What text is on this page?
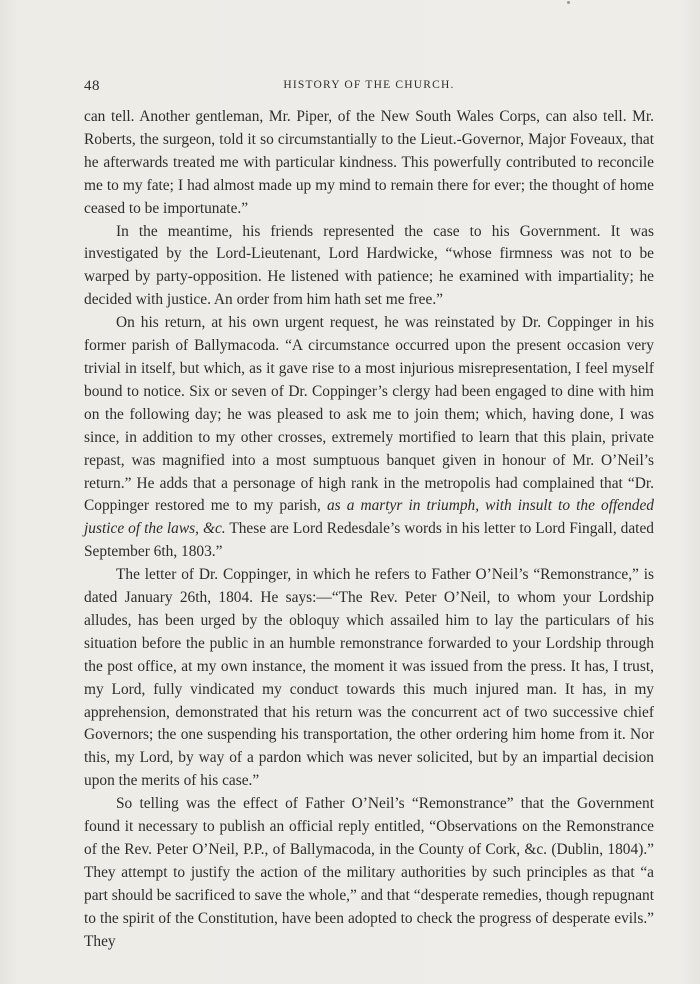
48	HISTORY OF THE CHURCH.

can tell. Another gentleman, Mr. Piper, of the New South Wales Corps, can also tell. Mr. Roberts, the surgeon, told it so circumstantially to the Lieut.-Governor, Major Foveaux, that he afterwards treated me with particular kindness. This powerfully contributed to reconcile me to my fate; I had almost made up my mind to remain there for ever; the thought of home ceased to be importunate.”

In the meantime, his friends represented the case to his Government. It was investigated by the Lord-Lieutenant, Lord Hardwicke, “whose firmness was not to be warped by party-opposition. He listened with patience; he examined with impartiality; he decided with justice. An order from him hath set me free.”

On his return, at his own urgent request, he was reinstated by Dr. Coppinger in his former parish of Ballymacoda. “A circumstance occurred upon the present occasion very trivial in itself, but which, as it gave rise to a most injurious misrepresentation, I feel myself bound to notice. Six or seven of Dr. Coppinger’s clergy had been engaged to dine with him on the following day; he was pleased to ask me to join them; which, having done, I was since, in addition to my other crosses, extremely mortified to learn that this plain, private repast, was magnified into a most sumptuous banquet given in honour of Mr. O’Neil’s return.” He adds that a personage of high rank in the metropolis had complained that “Dr. Coppinger restored me to my parish, as a martyr in triumph, with insult to the offended justice of the laws, &c. These are Lord Redesdale’s words in his letter to Lord Fingall, dated September 6th, 1803.”

The letter of Dr. Coppinger, in which he refers to Father O’Neil’s “Remonstrance,” is dated January 26th, 1804. He says:—“The Rev. Peter O’Neil, to whom your Lordship alludes, has been urged by the obloquy which assailed him to lay the particulars of his situation before the public in an humble remonstrance forwarded to your Lordship through the post office, at my own instance, the moment it was issued from the press. It has, I trust, my Lord, fully vindicated my conduct towards this much injured man. It has, in my apprehension, demonstrated that his return was the concurrent act of two successive chief Governors; the one suspending his transportation, the other ordering him home from it. Nor this, my Lord, by way of a pardon which was never solicited, but by an impartial decision upon the merits of his case.”

So telling was the effect of Father O’Neil’s “Remonstrance” that the Government found it necessary to publish an official reply entitled, “Observations on the Remonstrance of the Rev. Peter O’Neil, P.P., of Ballymacoda, in the County of Cork, &c. (Dublin, 1804).” They attempt to justify the action of the military authorities by such principles as that “a part should be sacrificed to save the whole,” and that “desperate remedies, though repugnant to the spirit of the Constitution, have been adopted to check the progress of desperate evils.” They
